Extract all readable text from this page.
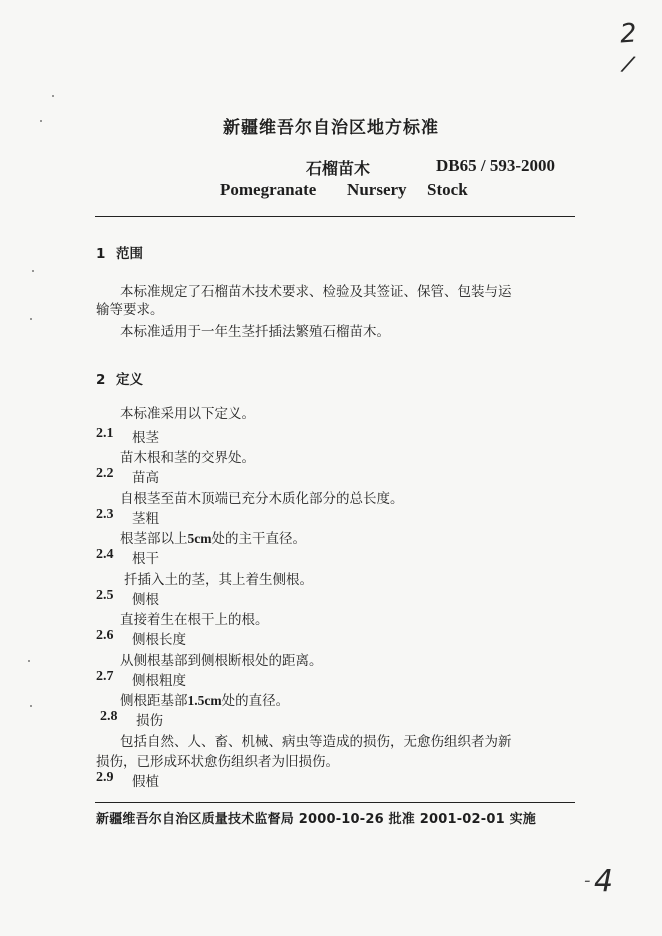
2
/
- 4
新疆维吾尔自治区地方标准
石榴苗木	DB65 / 593-2000
Pomegranate   Nursery  Stock
1 范围
本标准规定了石榴苗木技术要求、检验及其签证、保管、包装与运
输等要求。
本标准适用于一年生茎扦插法繁殖石榴苗木。
2 定义
本标准采用以下定义。
2.1 根茎
苗木根和茎的交界处。
2.2 苗高
自根茎至苗木顶端已充分木质化部分的总长度。
2.3 茎粗
根茎部以上5cm处的主干直径。
2.4 根干
扦插入土的茎，其上着生侧根。
2.5 侧根
直接着生在根干上的根。
2.6 侧根长度
从侧根基部到侧根断根处的距离。
2.7 侧根粗度
侧根距基部1.5cm处的直径。
2.8 损伤
包括自然、人、畜、机械、病虫等造成的损伤，无愈伤组织者为新
损伤，已形成环状愈伤组织者为旧损伤。
2.9 假植
新疆维吾尔自治区质量技术监督局 2000-10-26 批准 2001-02-01 实施
